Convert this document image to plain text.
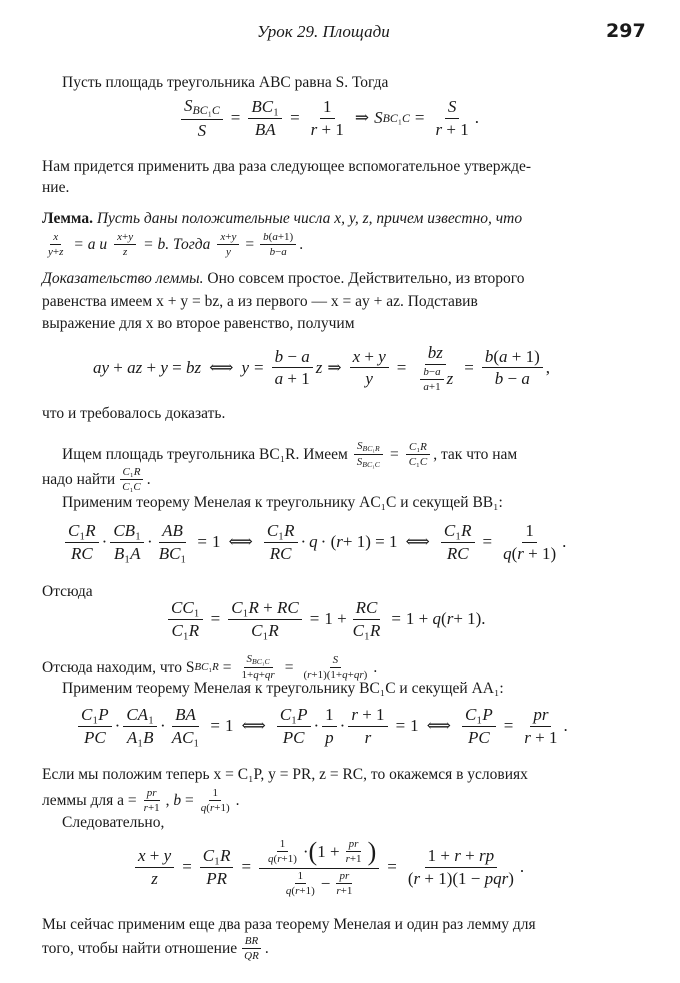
Урок 29. Площади	297
Пусть площадь треугольника ABC равна S. Тогда
$\frac{S_{BC_1C}}{S} = \frac{\text{BC₁}}{BA} = \frac{1}{r + 1}$ ⇒ S $BC_1C = \frac{S}{r + 1}$ .
Нам придется применить два раза следующее вспомогательное утвержде-
ние.
Лемма. Пусть даны положительные числа x, y, z, причем известно, что
$\frac{x}{y+z} = a$ и $\frac{x+y}{z} = b$. Тогда $\frac{x+y}{y} = \frac{b(a+1)}{b-a}$ .
Доказательство леммы. Оно совсем простое. Действительно, из второго
равенства имеем x + y = bz, а из первого — x = ay + az. Подставив
выражение для x во второе равенство, получим
ay + az + y = bz ⟺ $y = \frac{b - a}{a + 1}$ z ⇒ $\frac{x + y}{y} = \frac{bz}{\frac{b-a}{a+1} z} = \frac{b(a + 1)}{b - a}$ ,
что и требовалось доказать.
Ищем площадь треугольника BC₁R. Имеем $\frac{S_{BC_1R}}{S_{BC_1C}} = \frac{\text{C₁R}}{\text{C₁C}}$ , так что нам
надо найти $\frac{\text{C₁R}}{\text{C₁C}}$ .
Применим теорему Менелая к треугольнику AC₁C и секущей BB₁:
$\frac{\text{C₁R}}{RC} \cdot \frac{\text{CB₁}}{\text{B₁A}} \cdot \frac{AB}{\text{BC₁}} = 1$ ⟺ $\frac{\text{C₁R}}{RC} \cdot q$ · ( r + 1) = 1 ⟺ $\frac{\text{C₁R}}{RC} = \frac{1}{q(r + 1)}$ .
Отсюда
$\frac{\text{CC₁}}{\text{C₁R}} = \frac{\text{C₁R + RC}}{\text{C₁R}} = 1 + \frac{RC}{\text{C₁R}} = 1 + q$ ( r + 1).
Отсюда находим, что S $BC_1R = \frac{S_{BC_1C}}{1+q+qr} = \frac{S}{(r+1)(1+q+qr)}$ .
Применим теорему Менелая к треугольнику BC₁C и секущей AA₁:
$\frac{\text{C₁P}}{PC} \cdot \frac{\text{CA₁}}{\text{A₁B}} \cdot \frac{BA}{\text{AC₁}} = 1$ ⟺ $\frac{\text{C₁P}}{PC} \cdot \frac{1}{p} \cdot \frac{r + 1}{r} = 1$ ⟺ $\frac{\text{C₁P}}{PC} = \frac{pr}{r + 1}$ .
Если мы положим теперь x = C₁P, y = PR, z = RC, то окажемся в условиях
леммы для $a = \frac{pr}{r+1}$ , $b = \frac{1}{q(r+1)}$ .
Следовательно,
$\frac{x + y}{z} = \frac{\text{C₁R}}{PR} = \frac{\frac{1}{q(r+1)} \cdot ( 1 + \frac{pr}{r+1} )}{\frac{1}{q(r+1)} - \frac{pr}{r+1}} = \frac{1 + r + rp}{\text{(r + 1)(1 − pqr)}}$ .
Мы сейчас применим еще два раза теорему Менелая и один раз лемму для
того, чтобы найти отношение $\frac{BR}{QR}$ .
